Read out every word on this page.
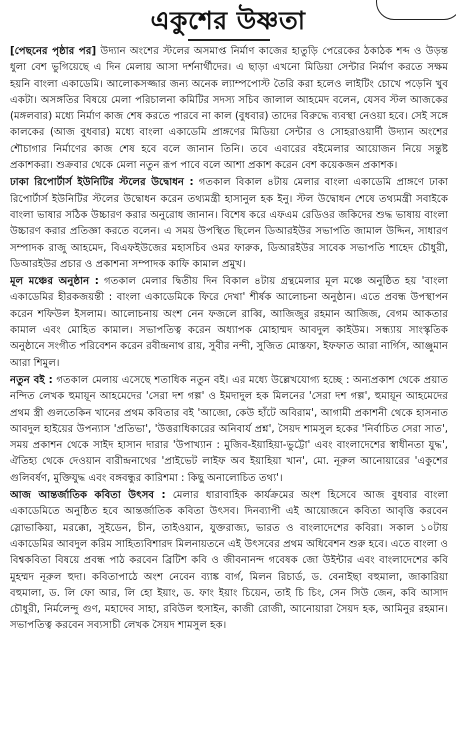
একুশের উষ্ণতা

[পেছনের পৃষ্ঠার পর] উদ্যান অংশের স্টলের অসমাপ্ত নির্মাণ কাজের হাতুড়ি পেরেকের ঠকাঠক শব্দ ও উড়ন্ত ধুলা বেশ ভুগিয়েছে এ দিন মেলায় আসা দর্শনার্থীদের। এ ছাড়া এখনো মিডিয়া সেন্টার নির্মাণ করতে সক্ষম হয়নি বাংলা একাডেমি। আলোকসজ্জার জন্য অনেক ল্যাম্পপোস্ট তৈরি করা হলেও লাইটিং চোখে পড়েনি খুব একটা। অসঙ্গতির বিষয়ে মেলা পরিচালনা কমিটির সদস্য সচিব জালাল আহমেদ বলেন, যেসব স্টল আজকের (মঙ্গলবার) মধ্যে নির্মাণ কাজ শেষ করতে পারবে না কাল (বুধবার) তাদের বিরুদ্ধে ব্যবস্থা নেওয়া হবে। সেই সঙ্গে কালকের (আজ বুধবার) মধ্যে বাংলা একাডেমি প্রাঙ্গণের মিডিয়া সেন্টার ও সোহরাওয়ার্দী উদ্যান অংশের শৌচাগার নির্মাণের কাজ শেষ হবে বলে জানান তিনি। তবে এবারের বইমেলার আয়োজন নিয়ে সন্তুষ্ট প্রকাশকরা। শুক্রবার থেকে মেলা নতুন রূপ পাবে বলে আশা প্রকাশ করেন বেশ কয়েকজন প্রকাশক।

ঢাকা রিপোর্টার্স ইউনিটির স্টলের উদ্বোধন : গতকাল বিকাল ৪টায় মেলার বাংলা একাডেমি প্রাঙ্গণে ঢাকা রিপোর্টার্স ইউনিটির স্টলের উদ্বোধন করেন তথ্যমন্ত্রী হাসানুল হক ইনু। স্টল উদ্বোধন শেষে তথ্যমন্ত্রী সবাইকে বাংলা ভাষার সঠিক উচ্চারণ করার অনুরোধ জানান। বিশেষ করে এফএম রেডিওর জকিদের শুদ্ধ ভাষায় বাংলা উচ্চারণ করার প্রতিজ্ঞা করতে বলেন। এ সময় উপস্থিত ছিলেন ডিআরইউর সভাপতি জামাল উদ্দিন, সাধারণ সম্পাদক রাজু আহমেদ, বিএফইউজের মহাসচিব ওমর ফারুক, ডিআরইউর সাবেক সভাপতি শাহেদ চৌধুরী, ডিআরইউর প্রচার ও প্রকাশনা সম্পাদক কাফি কামাল প্রমুখ।

মূল মঞ্চের অনুষ্ঠান : গতকাল মেলার দ্বিতীয় দিন বিকাল ৪টায় গ্রন্থমেলার মূল মঞ্চে অনুষ্ঠিত হয় 'বাংলা একাডেমির হীরকজয়ন্তী : বাংলা একাডেমিকে ফিরে দেখা' শীর্ষক আলোচনা অনুষ্ঠান। এতে প্রবন্ধ উপস্থাপন করেন শফিউল ইসলাম। আলোচনায় অংশ নেন ফজলে রাব্বি, আজিজুর রহমান আজিজ, বেগম আকতার কামাল এবং মোহিত কামাল। সভাপতিত্ব করেন অধ্যাপক মোহাম্মদ আবদুল কাইউম। সন্ধ্যায় সাংস্কৃতিক অনুষ্ঠানে সংগীত পরিবেশন করেন রবীন্দ্রনাথ রায়, সুবীর নন্দী, সুজিত মোস্তফা, ইফফাত আরা নার্গিস, আঞ্জুমান আরা শিমুল।

নতুন বই : গতকাল মেলায় এসেছে শতাধিক নতুন বই। এর মধ্যে উল্লেখযোগ্য হচ্ছে : অন্যপ্রকাশ থেকে প্রয়াত নন্দিত লেখক হুমায়ূন আহমেদের 'সেরা দশ গল্প' ও ইমদাদুল হক মিলনের 'সেরা দশ গল্প', হুমায়ূন আহমেদের প্রথম স্ত্রী গুলতেকিন খানের প্রথম কবিতার বই 'আজো, কেউ হাঁটে অবিরাম', আগামী প্রকাশনী থেকে হাসনাত আবদুল হাইয়ের উপন্যাস 'প্রতিভা', 'উত্তরাধিকারের অনিবার্য প্রশ্ন', সৈয়দ শামসুল হকের 'নির্বাচিত সেরা সাত', সময় প্রকাশন থেকে সাইদ হাসান দারার 'উপাখ্যান : মুজিব-ইয়াহিয়া-ভুট্টো' এবং বাংলাদেশের স্বাধীনতা যুদ্ধ', ঐতিহ্য থেকে দেওয়ান বারীন্দ্রনাথের 'প্রাইভেট লাইফ অব ইয়াহিয়া খান', মো. নূরুল আনোয়ারের 'একুশের গুলিবর্ষণ, মুক্তিযুদ্ধ এবং বঙ্গবন্ধুর কারিশমা : কিছু অনালোচিত তথ্য'।

আজ আন্তর্জাতিক কবিতা উৎসব : মেলার ধারাবাহিক কার্যক্রমের অংশ হিসেবে আজ বুধবার বাংলা একাডেমিতে অনুষ্ঠিত হবে আন্তর্জাতিক কবিতা উৎসব। দিনব্যাপী এই আয়োজনে কবিতা আবৃত্তি করবেন স্লোভাকিয়া, মরক্কো, সুইডেন, চীন, তাইওয়ান, যুক্তরাজ্য, ভারত ও বাংলাদেশের কবিরা। সকাল ১০টায় একাডেমির আবদুল করিম সাহিত্যবিশারদ মিলনায়তনে এই উৎসবের প্রথম অধিবেশন শুরু হবে। এতে বাংলা ও বিশ্বকবিতা বিষয়ে প্রবন্ধ পাঠ করবেন ব্রিটিশ কবি ও জীবনানন্দ গবেষক জো উইন্টার এবং বাংলাদেশের কবি মুহম্মদ নূরুল হুদা। কবিতাপাঠে অংশ নেবেন ব্যাঙ্ক বার্গ, মিলন রিচার্ড, ড. বেনাইছা বহুমালা, জাকারিয়া বহুমালা, ড. লি ফো আর, লি হো ইয়াং, ড. ফাং ইয়াং চিয়েন, তাই চি চিং, সেন সিউ জেন, কবি আসাদ চৌধুরী, নির্মলেন্দু গুণ, মহাদেব সাহা, রবিউল হুসাইন, কাজী রোজী, আনোয়ারা সৈয়দ হক, আমিনুর রহমান। সভাপতিত্ব করবেন সব্যসাচী লেখক সৈয়দ শামসুল হক।
